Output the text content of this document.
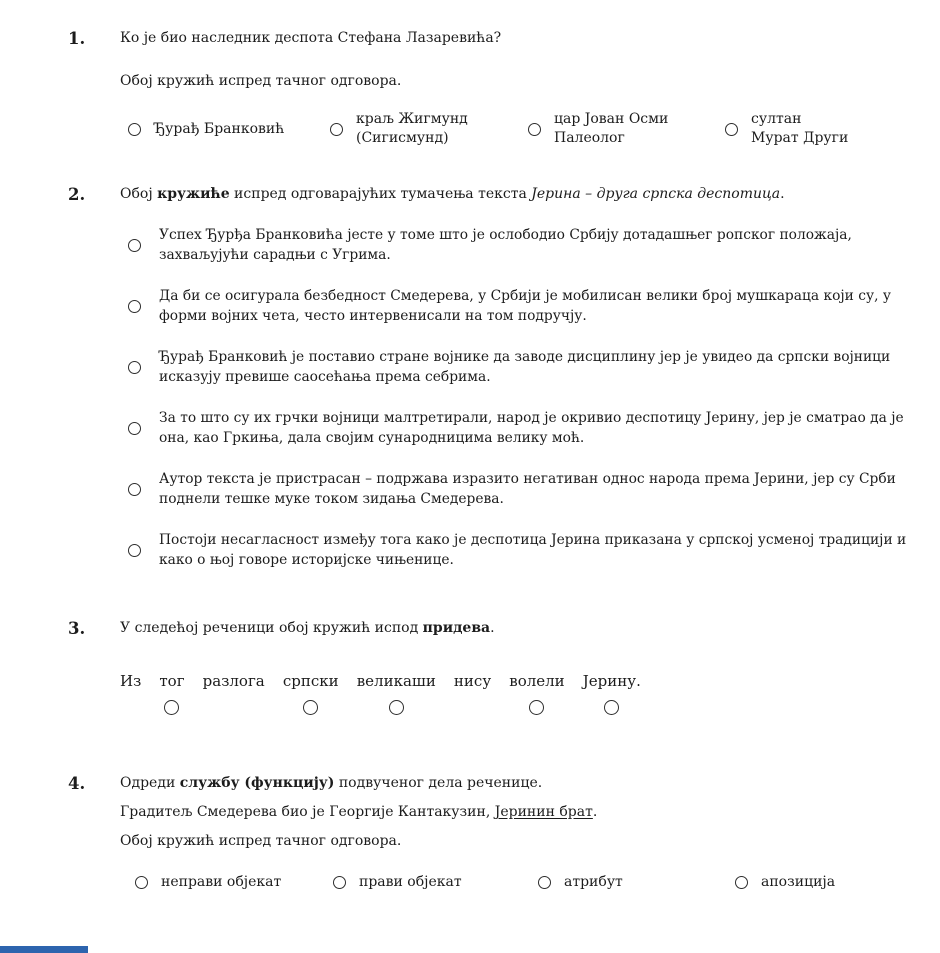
1.	Ко је био наследник деспота Стефана Лазаревића?

Обој кружић испред тачног одговора.

Ђурађ Бранковић
краљ Жигмунд
(Сигисмунд)
цар Јован Осми
Палеолог
султан
Мурат Други
2.	Обој кружиће испред одговарајућих тумачења текста Јерина – друга српска деспотица.

Успех Ђурђа Бранковића јесте у томе што је ослободио Србију дотадашњег ропског положаја, захваљујући сарадњи с Угрима.

Да би се осигурала безбедност Смедерева, у Србији је мобилисан велики број мушкараца који су, у форми војних чета, често интервенисали на том подручју.

Ђурађ Бранковић је поставио стране војнике да заводе дисциплину јер је увидео да српски војници исказују превише саосећања према себрима.

За то што су их грчки војници малтретирали, народ је окривио деспотицу Јерину, јер је сматрао да је она, као Гркиња, дала својим сународницима велику моћ.

Аутор текста је пристрасан – подржава изразито негативан однос народа према Јерини, јер су Срби поднели тешке муке током зидања Смедерева.

Постоји несагласност између тога како је деспотица Јерина приказана у српској усменој традицији и како о њој говоре историјске чињенице.

3.	У следећој реченици обој кружић испод придева.

Из
тог
разлога
српски
великаши
нису
волели
Јерину.
4.	Одреди службу (функцију) подвученог дела реченице.

Градитељ Смедерева био је Георгије Кантакузин, Јеринин брат.

Обој кружић испред тачног одговора.

неправи објекат	прави објекат	атрибут	апозиција
